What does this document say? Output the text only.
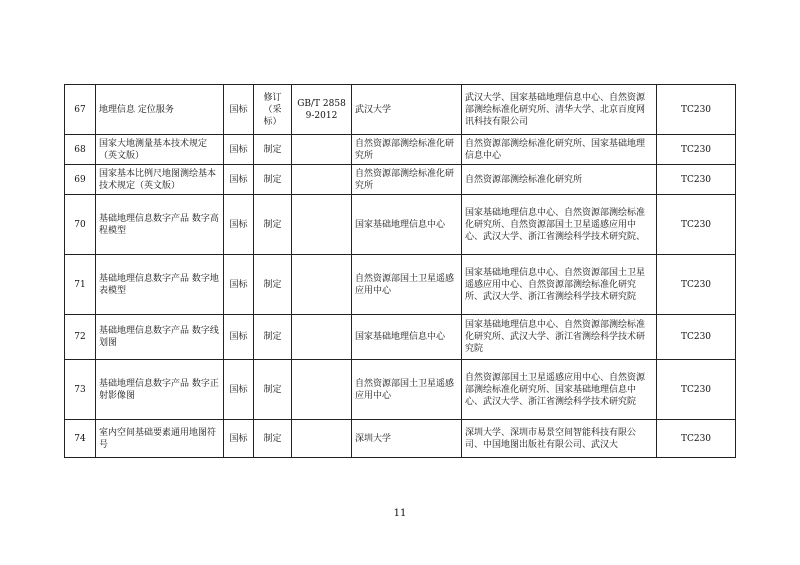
67	地理信息 定位服务	国标	修订（采标）	GB/T 28589-2012	武汉大学	武汉大学、国家基础地理信息中心、自然资源部测绘标准化研究所、清华大学、北京百度网讯科技有限公司	TC230
68	国家大地测量基本技术规定（英文版）	国标	制定		自然资源部测绘标准化研究所	自然资源部测绘标准化研究所、国家基础地理信息中心	TC230
69	国家基本比例尺地图测绘基本技术规定（英文版）	国标	制定		自然资源部测绘标准化研究所	自然资源部测绘标准化研究所	TC230
70	基础地理信息数字产品 数字高程模型	国标	制定		国家基础地理信息中心	国家基础地理信息中心、自然资源部测绘标准化研究所、自然资源部国土卫星遥感应用中心、武汉大学、浙江省测绘科学技术研究院、	TC230
71	基础地理信息数字产品 数字地表模型	国标	制定		自然资源部国土卫星遥感应用中心	国家基础地理信息中心、自然资源部国土卫星遥感应用中心、自然资源部测绘标准化研究所、武汉大学、浙江省测绘科学技术研究院	TC230
72	基础地理信息数字产品 数字线划图	国标	制定		国家基础地理信息中心	国家基础地理信息中心、自然资源部测绘标准化研究所、武汉大学、浙江省测绘科学技术研究院	TC230
73	基础地理信息数字产品 数字正射影像图	国标	制定		自然资源部国土卫星遥感应用中心	自然资源部国土卫星遥感应用中心、自然资源部测绘标准化研究所、国家基础地理信息中心、武汉大学、浙江省测绘科学技术研究院	TC230
74	室内空间基础要素通用地图符号	国标	制定		深圳大学	深圳大学、深圳市易景空间智能科技有限公司、中国地图出版社有限公司、武汉大	TC230
11
